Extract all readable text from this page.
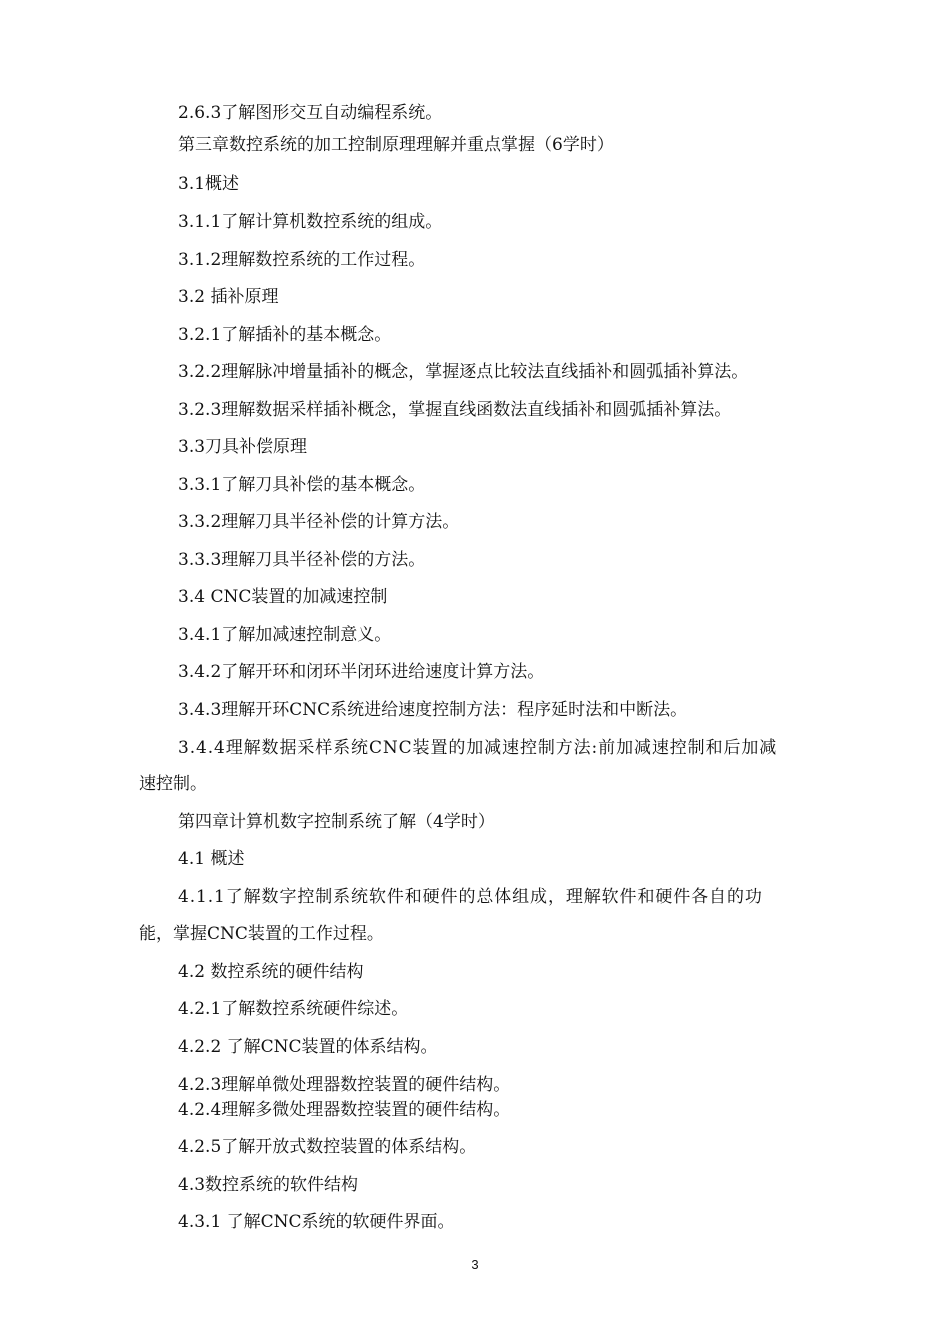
2.6.3了解图形交互自动编程系统。
第三章数控系统的加工控制原理理解并重点掌握（6学时）
3.1概述
3.1.1了解计算机数控系统的组成。
3.1.2理解数控系统的工作过程。
3.2 插补原理
3.2.1了解插补的基本概念。
3.2.2理解脉冲增量插补的概念，掌握逐点比较法直线插补和圆弧插补算法。
3.2.3理解数据采样插补概念，掌握直线函数法直线插补和圆弧插补算法。
3.3刀具补偿原理
3.3.1了解刀具补偿的基本概念。
3.3.2理解刀具半径补偿的计算方法。
3.3.3理解刀具半径补偿的方法。
3.4 CNC装置的加减速控制
3.4.1了解加减速控制意义。
3.4.2了解开环和闭环半闭环进给速度计算方法。
3.4.3理解开环CNC系统进给速度控制方法：程序延时法和中断法。
3.4.4理解数据采样系统CNC装置的加减速控制方法:前加减速控制和后加减
速控制。
第四章计算机数字控制系统了解（4学时）
4.1 概述
4.1.1了解数字控制系统软件和硬件的总体组成，理解软件和硬件各自的功
能，掌握CNC装置的工作过程。
4.2 数控系统的硬件结构
4.2.1了解数控系统硬件综述。
4.2.2 了解CNC装置的体系结构。
4.2.3理解单微处理器数控装置的硬件结构。
4.2.4理解多微处理器数控装置的硬件结构。
4.2.5了解开放式数控装置的体系结构。
4.3数控系统的软件结构
4.3.1 了解CNC系统的软硬件界面。
3
